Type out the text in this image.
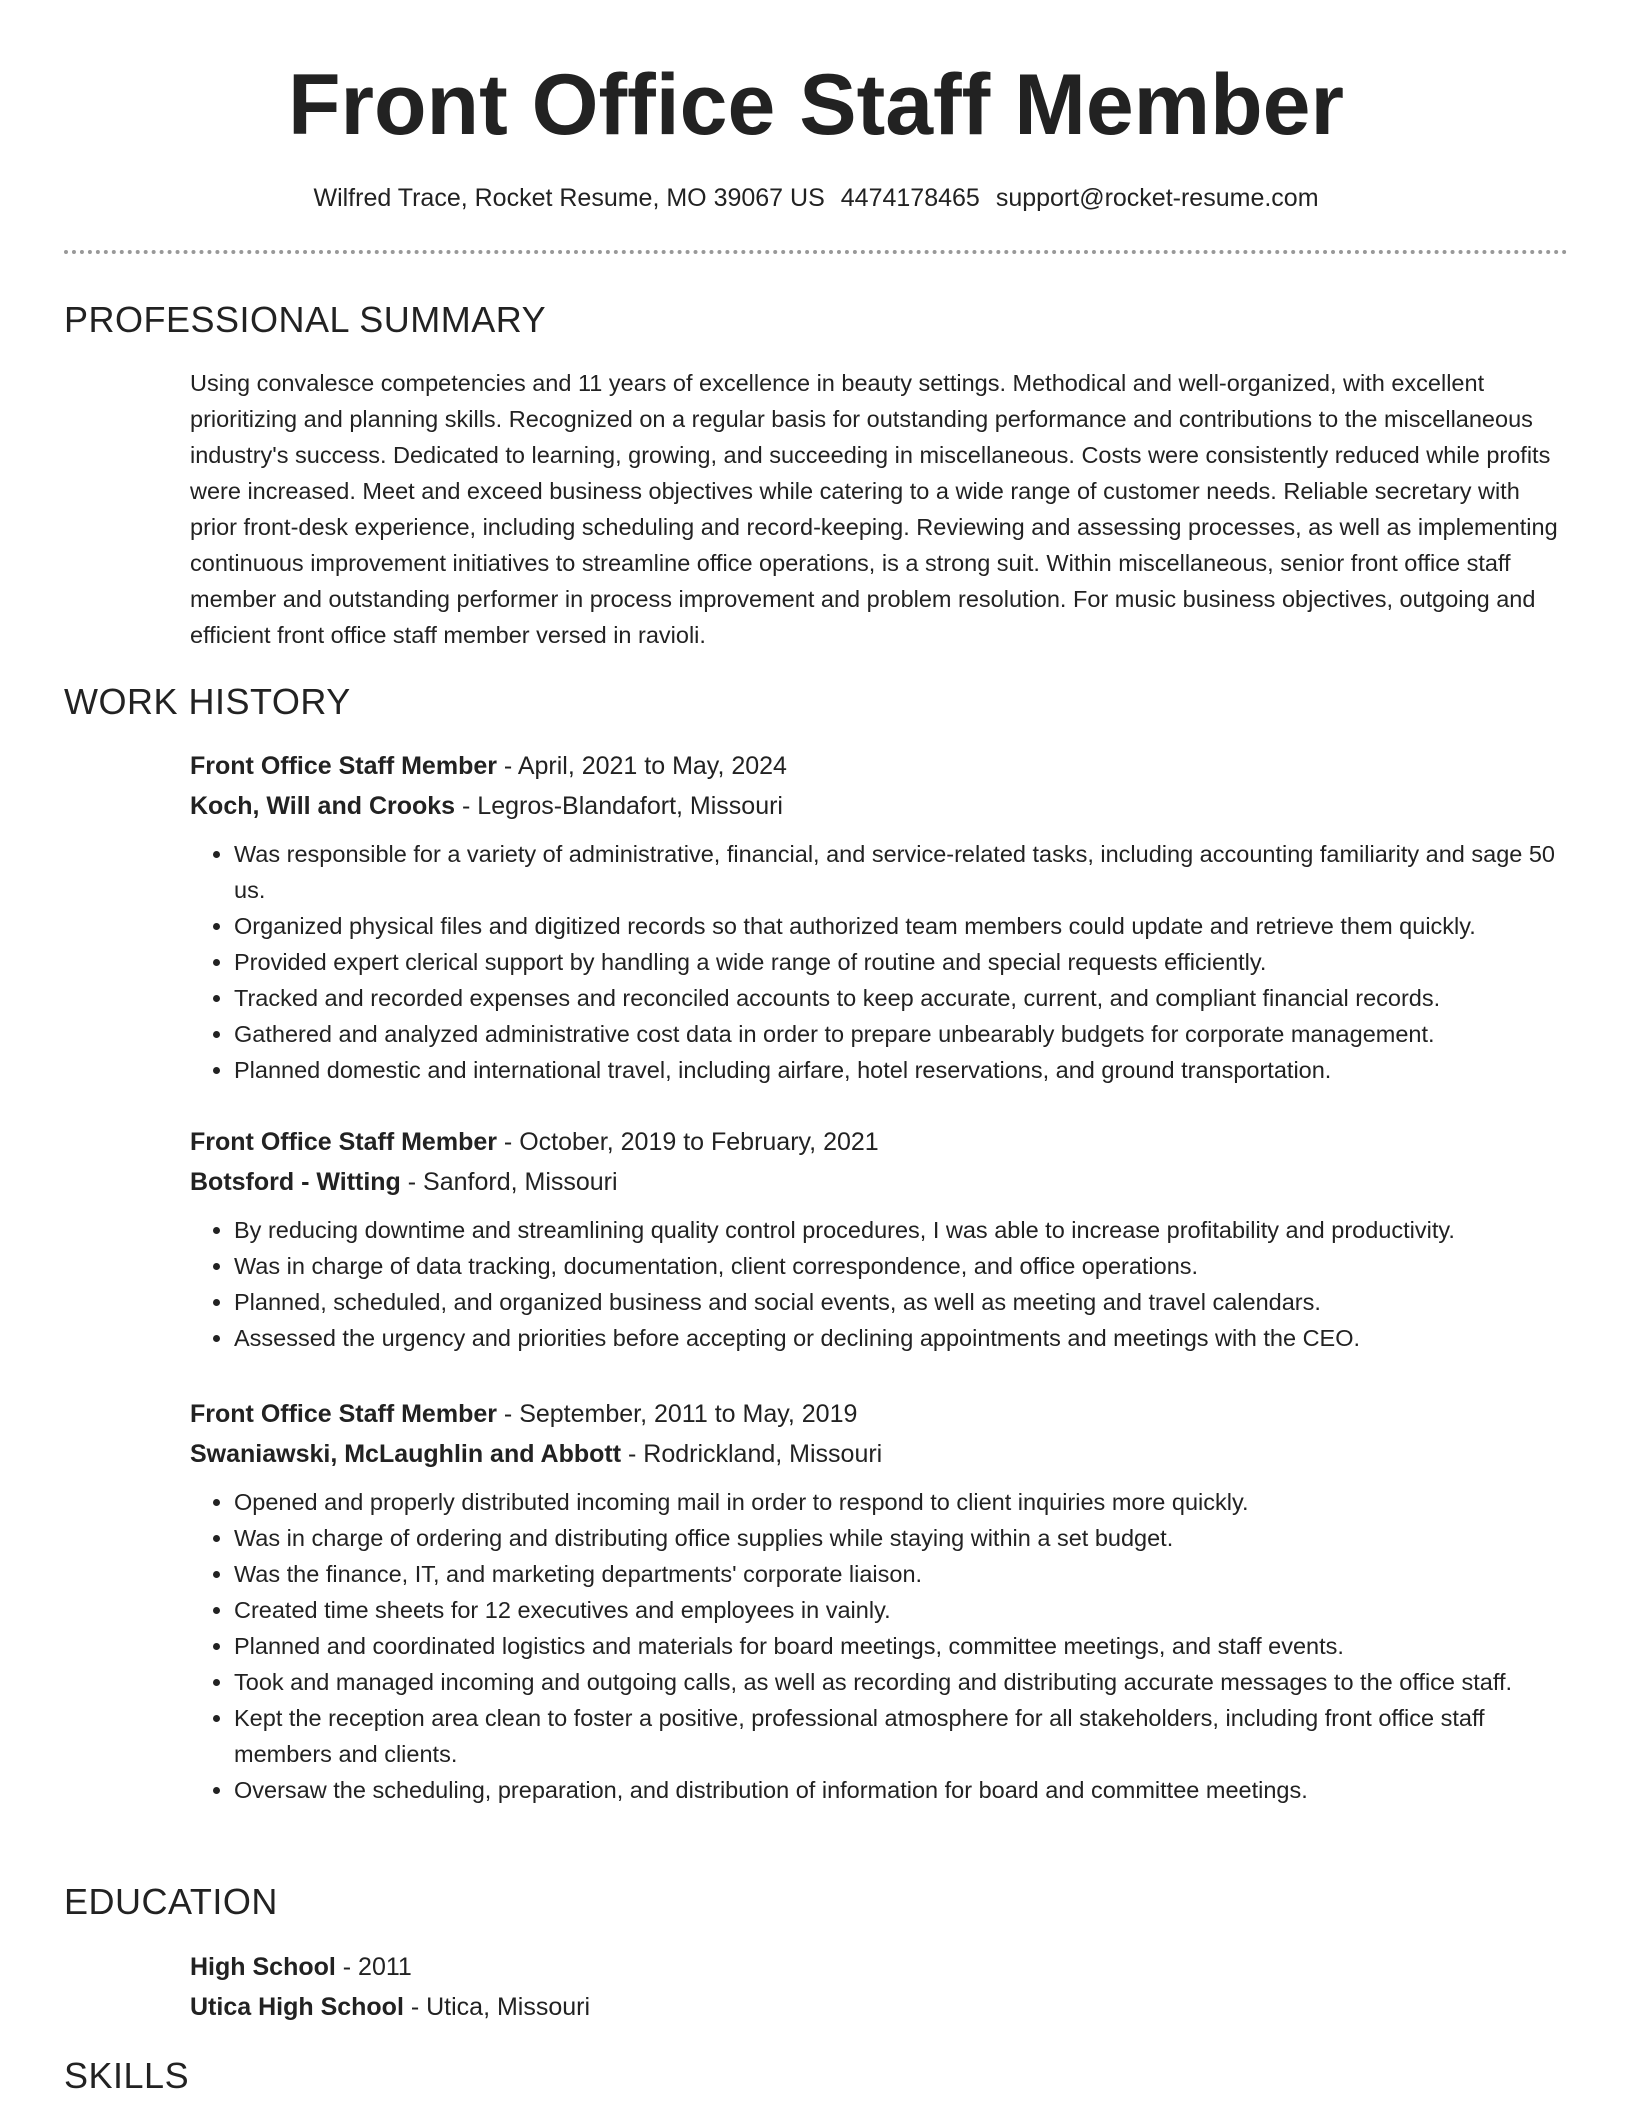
Front Office Staff Member
Wilfred Trace, Rocket Resume, MO 39067 US 4474178465 support@rocket-resume.com
PROFESSIONAL SUMMARY

Using convalesce competencies and 11 years of excellence in beauty settings. Methodical and well-organized, with excellent prioritizing and planning skills. Recognized on a regular basis for outstanding performance and contributions to the miscellaneous industry's success. Dedicated to learning, growing, and succeeding in miscellaneous. Costs were consistently reduced while profits were increased. Meet and exceed business objectives while catering to a wide range of customer needs. Reliable secretary with prior front-desk experience, including scheduling and record-keeping. Reviewing and assessing processes, as well as implementing continuous improvement initiatives to streamline office operations, is a strong suit. Within miscellaneous, senior front office staff member and outstanding performer in process improvement and problem resolution. For music business objectives, outgoing and efficient front office staff member versed in ravioli.

WORK HISTORY
Front Office Staff Member - April, 2021 to May, 2024
Koch, Will and Crooks - Legros-Blandafort, Missouri
• Was responsible for a variety of administrative, financial, and service-related tasks, including accounting familiarity and sage 50 us.
• Organized physical files and digitized records so that authorized team members could update and retrieve them quickly.
• Provided expert clerical support by handling a wide range of routine and special requests efficiently.
• Tracked and recorded expenses and reconciled accounts to keep accurate, current, and compliant financial records.
• Gathered and analyzed administrative cost data in order to prepare unbearably budgets for corporate management.
• Planned domestic and international travel, including airfare, hotel reservations, and ground transportation.
Front Office Staff Member - October, 2019 to February, 2021
Botsford - Witting - Sanford, Missouri
• By reducing downtime and streamlining quality control procedures, I was able to increase profitability and productivity.
• Was in charge of data tracking, documentation, client correspondence, and office operations.
• Planned, scheduled, and organized business and social events, as well as meeting and travel calendars.
• Assessed the urgency and priorities before accepting or declining appointments and meetings with the CEO.
Front Office Staff Member - September, 2011 to May, 2019
Swaniawski, McLaughlin and Abbott - Rodrickland, Missouri
• Opened and properly distributed incoming mail in order to respond to client inquiries more quickly.
• Was in charge of ordering and distributing office supplies while staying within a set budget.
• Was the finance, IT, and marketing departments' corporate liaison.
• Created time sheets for 12 executives and employees in vainly.
• Planned and coordinated logistics and materials for board meetings, committee meetings, and staff events.
• Took and managed incoming and outgoing calls, as well as recording and distributing accurate messages to the office staff.
• Kept the reception area clean to foster a positive, professional atmosphere for all stakeholders, including front office staff members and clients.
• Oversaw the scheduling, preparation, and distribution of information for board and committee meetings.
EDUCATION
High School - 2011
Utica High School - Utica, Missouri
SKILLS
